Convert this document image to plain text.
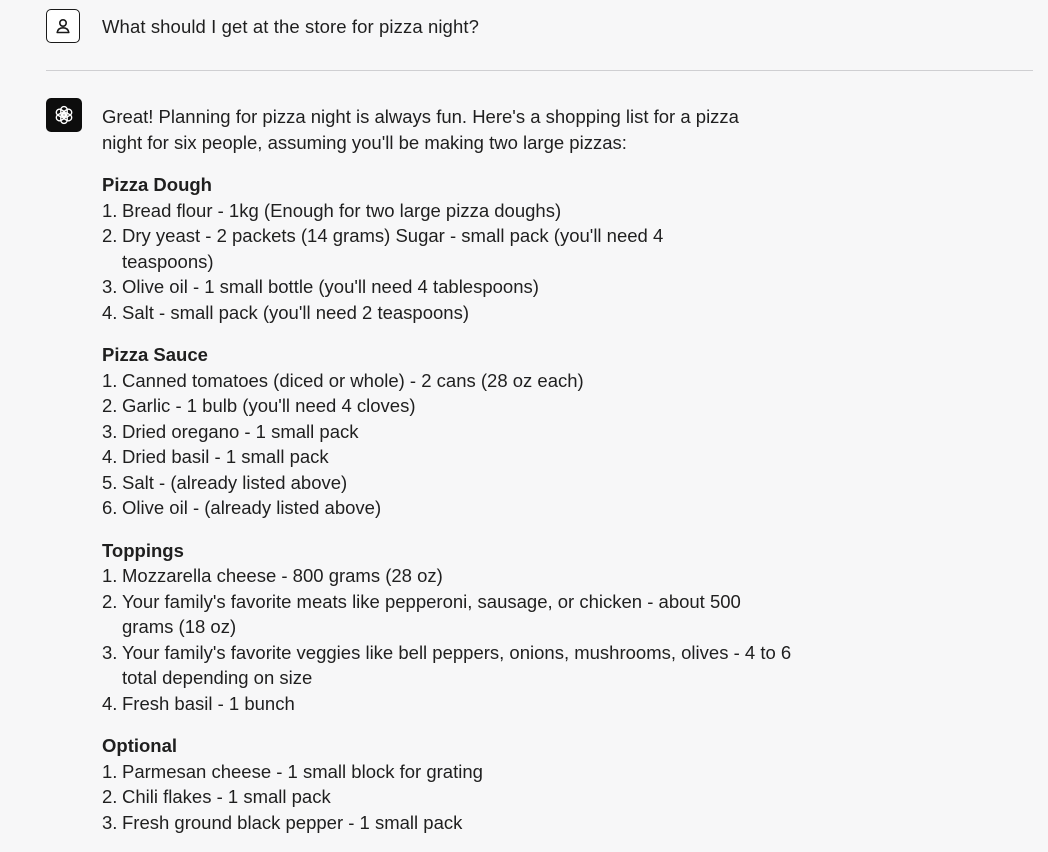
What should I get at the store for pizza night?

Great! Planning for pizza night is always fun. Here's a shopping list for a pizza night for six people, assuming you'll be making two large pizzas:

Pizza Dough
1. Bread flour - 1kg (Enough for two large pizza doughs)
2. Dry yeast - 2 packets (14 grams) Sugar - small pack (you'll need 4 teaspoons)
3. Olive oil - 1 small bottle (you'll need 4 tablespoons)
4. Salt - small pack (you'll need 2 teaspoons)
Pizza Sauce
1. Canned tomatoes (diced or whole) - 2 cans (28 oz each)
2. Garlic - 1 bulb (you'll need 4 cloves)
3. Dried oregano - 1 small pack
4. Dried basil - 1 small pack
5. Salt - (already listed above)
6. Olive oil - (already listed above)
Toppings
1. Mozzarella cheese - 800 grams (28 oz)
2. Your family's favorite meats like pepperoni, sausage, or chicken - about 500 grams (18 oz)
3. Your family's favorite veggies like bell peppers, onions, mushrooms, olives - 4 to 6 total depending on size
4. Fresh basil - 1 bunch
Optional
1. Parmesan cheese - 1 small block for grating
2. Chili flakes - 1 small pack
3. Fresh ground black pepper - 1 small pack
